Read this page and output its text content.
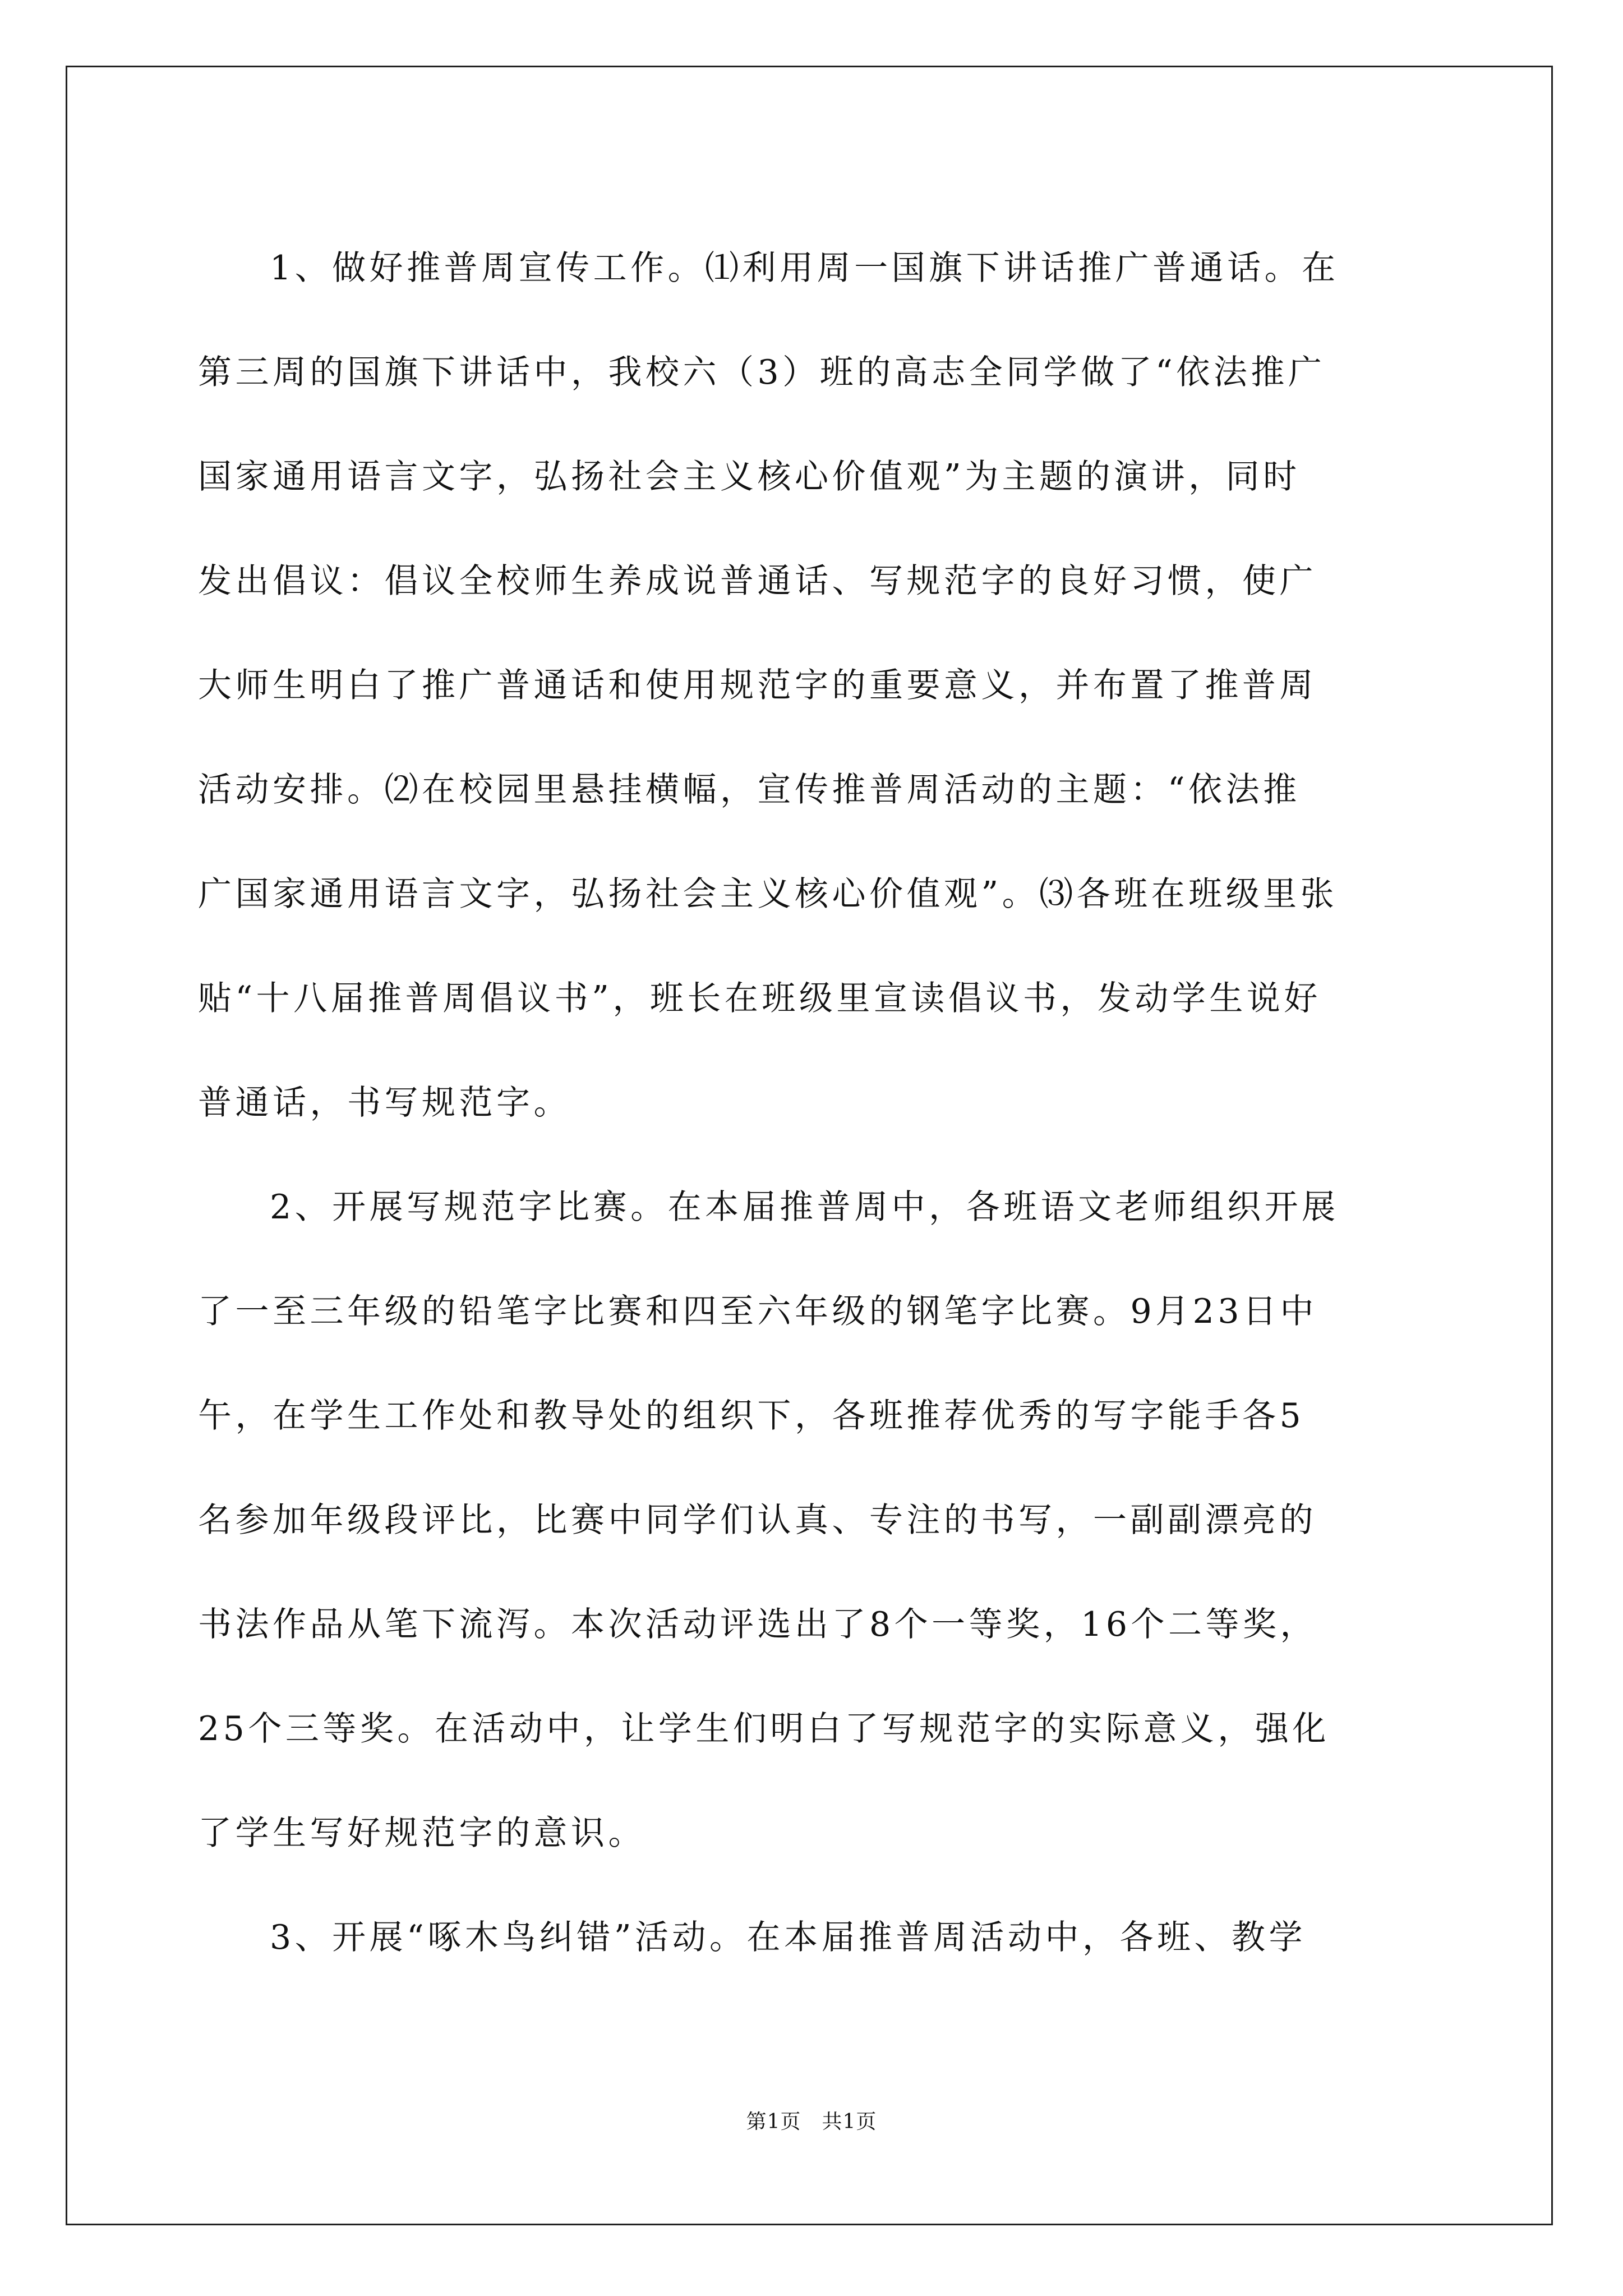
1、做好推普周宣传工作。⑴利用周一国旗下讲话推广普通话。在
第三周的国旗下讲话中，我校六（3）班的高志全同学做了“依法推广
国家通用语言文字，弘扬社会主义核心价值观”为主题的演讲，同时
发出倡议：倡议全校师生养成说普通话、写规范字的良好习惯，使广
大师生明白了推广普通话和使用规范字的重要意义，并布置了推普周
活动安排。⑵在校园里悬挂横幅，宣传推普周活动的主题：“依法推
广国家通用语言文字，弘扬社会主义核心价值观”。⑶各班在班级里张
贴“十八届推普周倡议书”，班长在班级里宣读倡议书，发动学生说好
普通话，书写规范字。
2、开展写规范字比赛。在本届推普周中，各班语文老师组织开展
了一至三年级的铅笔字比赛和四至六年级的钢笔字比赛。9月23日中
午，在学生工作处和教导处的组织下，各班推荐优秀的写字能手各5
名参加年级段评比，比赛中同学们认真、专注的书写，一副副漂亮的
书法作品从笔下流泻。本次活动评选出了8个一等奖，16个二等奖，
25个三等奖。在活动中，让学生们明白了写规范字的实际意义，强化
了学生写好规范字的意识。
3、开展“啄木鸟纠错”活动。在本届推普周活动中，各班、教学
第1页　共1页
